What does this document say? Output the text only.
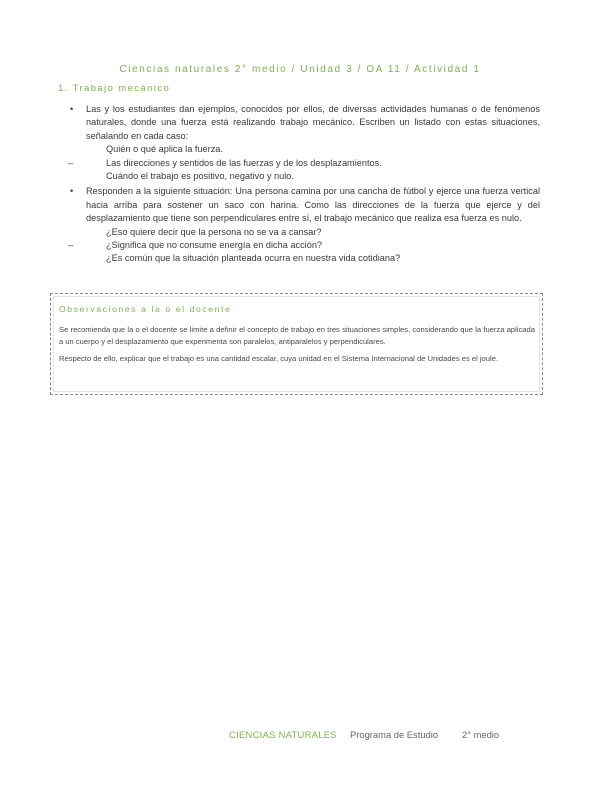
Ciencias naturales 2° medio / Unidad 3 / OA 11 / Actividad 1
1. Trabajo mecánico
• Las y los estudiantes dan ejemplos, conocidos por ellos, de diversas actividades humanas o de fenómenos naturales, donde una fuerza está realizando trabajo mecánico. Escriben un listado con estas situaciones, señalando en cada caso:
Quién o qué aplica la fuerza.
–	Las direcciones y sentidos de las fuerzas y de los desplazamientos.
Cuándo el trabajo es positivo, negativo y nulo.
• Responden a la siguiente situación: Una persona camina por una cancha de fútbol y ejerce una fuerza vertical hacia arriba para sostener un saco con harina. Como las direcciones de la fuerza que ejerce y del desplazamiento que tiene son perpendiculares entre sí, el trabajo mecánico que realiza esa fuerza es nulo.
¿Eso quiere decir que la persona no se va a cansar?
–	¿Significa que no consume energía en dicha acción?
¿Es común que la situación planteada ocurra en nuestra vida cotidiana?
Observaciones a la o el docente

Se recomienda que la o el docente se limite a definir el concepto de trabajo en tres situaciones simples, considerando que la fuerza aplicada a un cuerpo y el desplazamiento que experimenta son paralelos, antiparalelos y perpendiculares.

Respecto de ello, explicar que el trabajo es una cantidad escalar, cuya unidad en el Sistema Internacional de Unidades es el joule.

CIENCIAS NATURALES Programa de Estudio	2° medio
